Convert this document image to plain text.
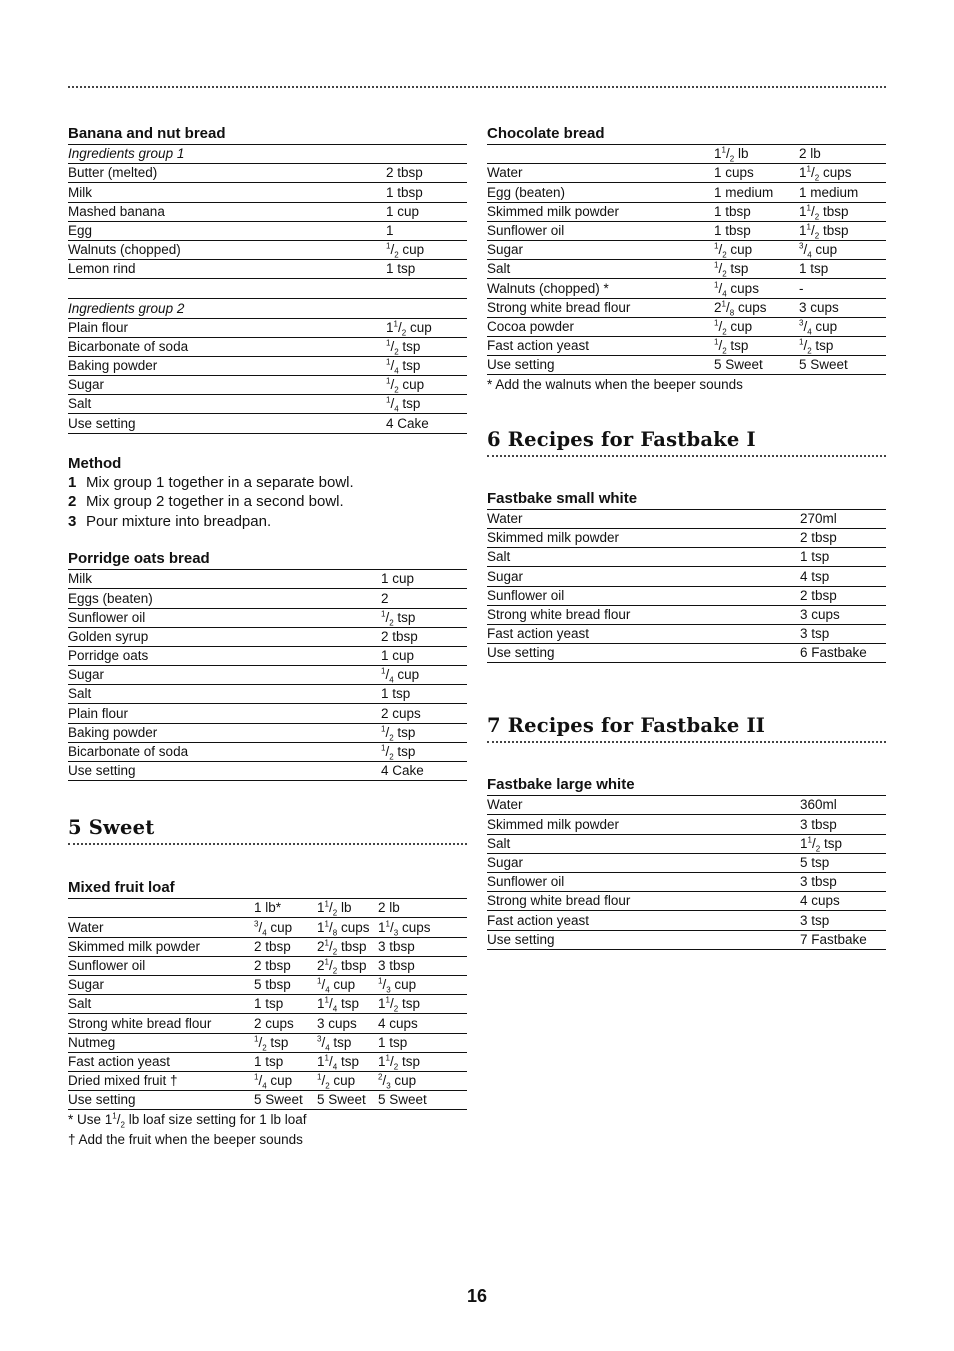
Banana and nut bread
Ingredients group 1	
Butter (melted)	2 tbsp
Milk	1 tbsp
Mashed banana	1 cup
Egg	1
Walnuts (chopped)	$^1/_2$ cup
Lemon rind	1 tsp

Ingredients group 2	
Plain flour	$1^1/_2$ cup
Bicarbonate of soda	$^1/_2$ tsp
Baking powder	$^1/_4$ tsp
Sugar	$^1/_2$ cup
Salt	$^1/_4$ tsp
Use setting	4 Cake
Method
1 Mix group 1 together in a separate bowl.
2 Mix group 2 together in a second bowl.
3 Pour mixture into breadpan.
Porridge oats bread
Milk	1 cup
Eggs (beaten)	2
Sunflower oil	$^1/_2$ tsp
Golden syrup	2 tbsp
Porridge oats	1 cup
Sugar	$^1/_4$ cup
Salt	1 tsp
Plain flour	2 cups
Baking powder	$^1/_2$ tsp
Bicarbonate of soda	$^1/_2$ tsp
Use setting	4 Cake
5 Sweet
Mixed fruit loaf
	1 lb*	$1^1/_2$ lb	2 lb
Water	$^3/_4$ cup	$1^1/_8$ cups	$1^1/_3$ cups
Skimmed milk powder	2 tbsp	$2^1/_2$ tbsp	3 tbsp
Sunflower oil	2 tbsp	$2^1/_2$ tbsp	3 tbsp
Sugar	5 tbsp	$^1/_4$ cup	$^1/_3$ cup
Salt	1 tsp	$1^1/_4$ tsp	$1^1/_2$ tsp
Strong white bread flour	2 cups	3 cups	4 cups
Nutmeg	$^1/_2$ tsp	$^3/_4$ tsp	1 tsp
Fast action yeast	1 tsp	$1^1/_4$ tsp	$1^1/_2$ tsp
Dried mixed fruit †	$^1/_4$ cup	$^1/_2$ cup	$^2/_3$ cup
Use setting	5 Sweet	5 Sweet	5 Sweet
* Use $1^1/_2$ lb loaf size setting for 1 lb loaf
† Add the fruit when the beeper sounds
Chocolate bread
	$1^1/_2$ lb	2 lb
Water	1 cups	$1^1/_2$ cups
Egg (beaten)	1 medium	1 medium
Skimmed milk powder	1 tbsp	$1^1/_2$ tbsp
Sunflower oil	1 tbsp	$1^1/_2$ tbsp
Sugar	$^1/_2$ cup	$^3/_4$ cup
Salt	$^1/_2$ tsp	1 tsp
Walnuts (chopped) *	$^1/_4$ cups	-
Strong white bread flour	$2^1/_8$ cups	3 cups
Cocoa powder	$^1/_2$ cup	$^3/_4$ cup
Fast action yeast	$^1/_2$ tsp	$^1/_2$ tsp
Use setting	5 Sweet	5 Sweet
* Add the walnuts when the beeper sounds
6 Recipes for Fastbake I
Fastbake small white
Water	270ml
Skimmed milk powder	2 tbsp
Salt	1 tsp
Sugar	4 tsp
Sunflower oil	2 tbsp
Strong white bread flour	3 cups
Fast action yeast	3 tsp
Use setting	6 Fastbake
7 Recipes for Fastbake II
Fastbake large white
Water	360ml
Skimmed milk powder	3 tbsp
Salt	$1^1/_2$ tsp
Sugar	5 tsp
Sunflower oil	3 tbsp
Strong white bread flour	4 cups
Fast action yeast	3 tsp
Use setting	7 Fastbake
16
